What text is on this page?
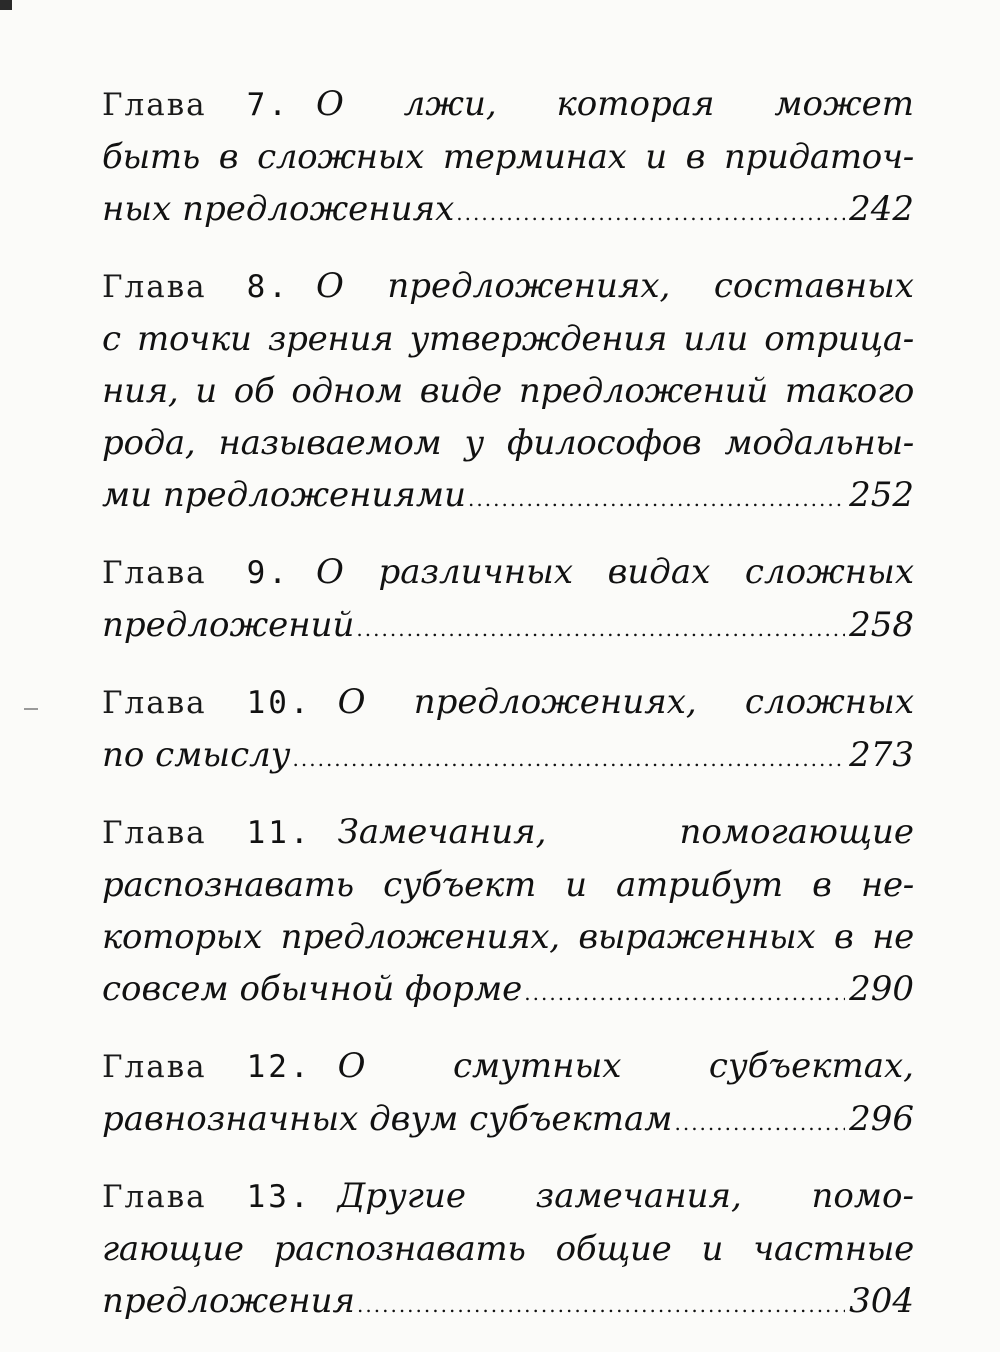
Глава 7. О лжи, которая может
быть в сложных терминах и в придаточ-
ных предложениях .....	242
Глава 8. О предложениях, составных
с точки зрения утверждения или отрица-
ния, и об одном виде предложений такого
рода, называемом у философов модальны-
ми предложениями .....	252
Глава 9. О различных видах сложных
предложений .....	258
Глава 10. О предложениях, сложных
по смыслу .....	273
Глава 11. Замечания, помогающие
распознавать субъект и атрибут в не-
которых предложениях, выраженных в не
совсем обычной форме .....	290
Глава 12. О смутных субъектах,
равнозначных двум субъектам .....	296
Глава 13. Другие замечания, помо-
гающие распознавать общие и частные
предложения .....	304
